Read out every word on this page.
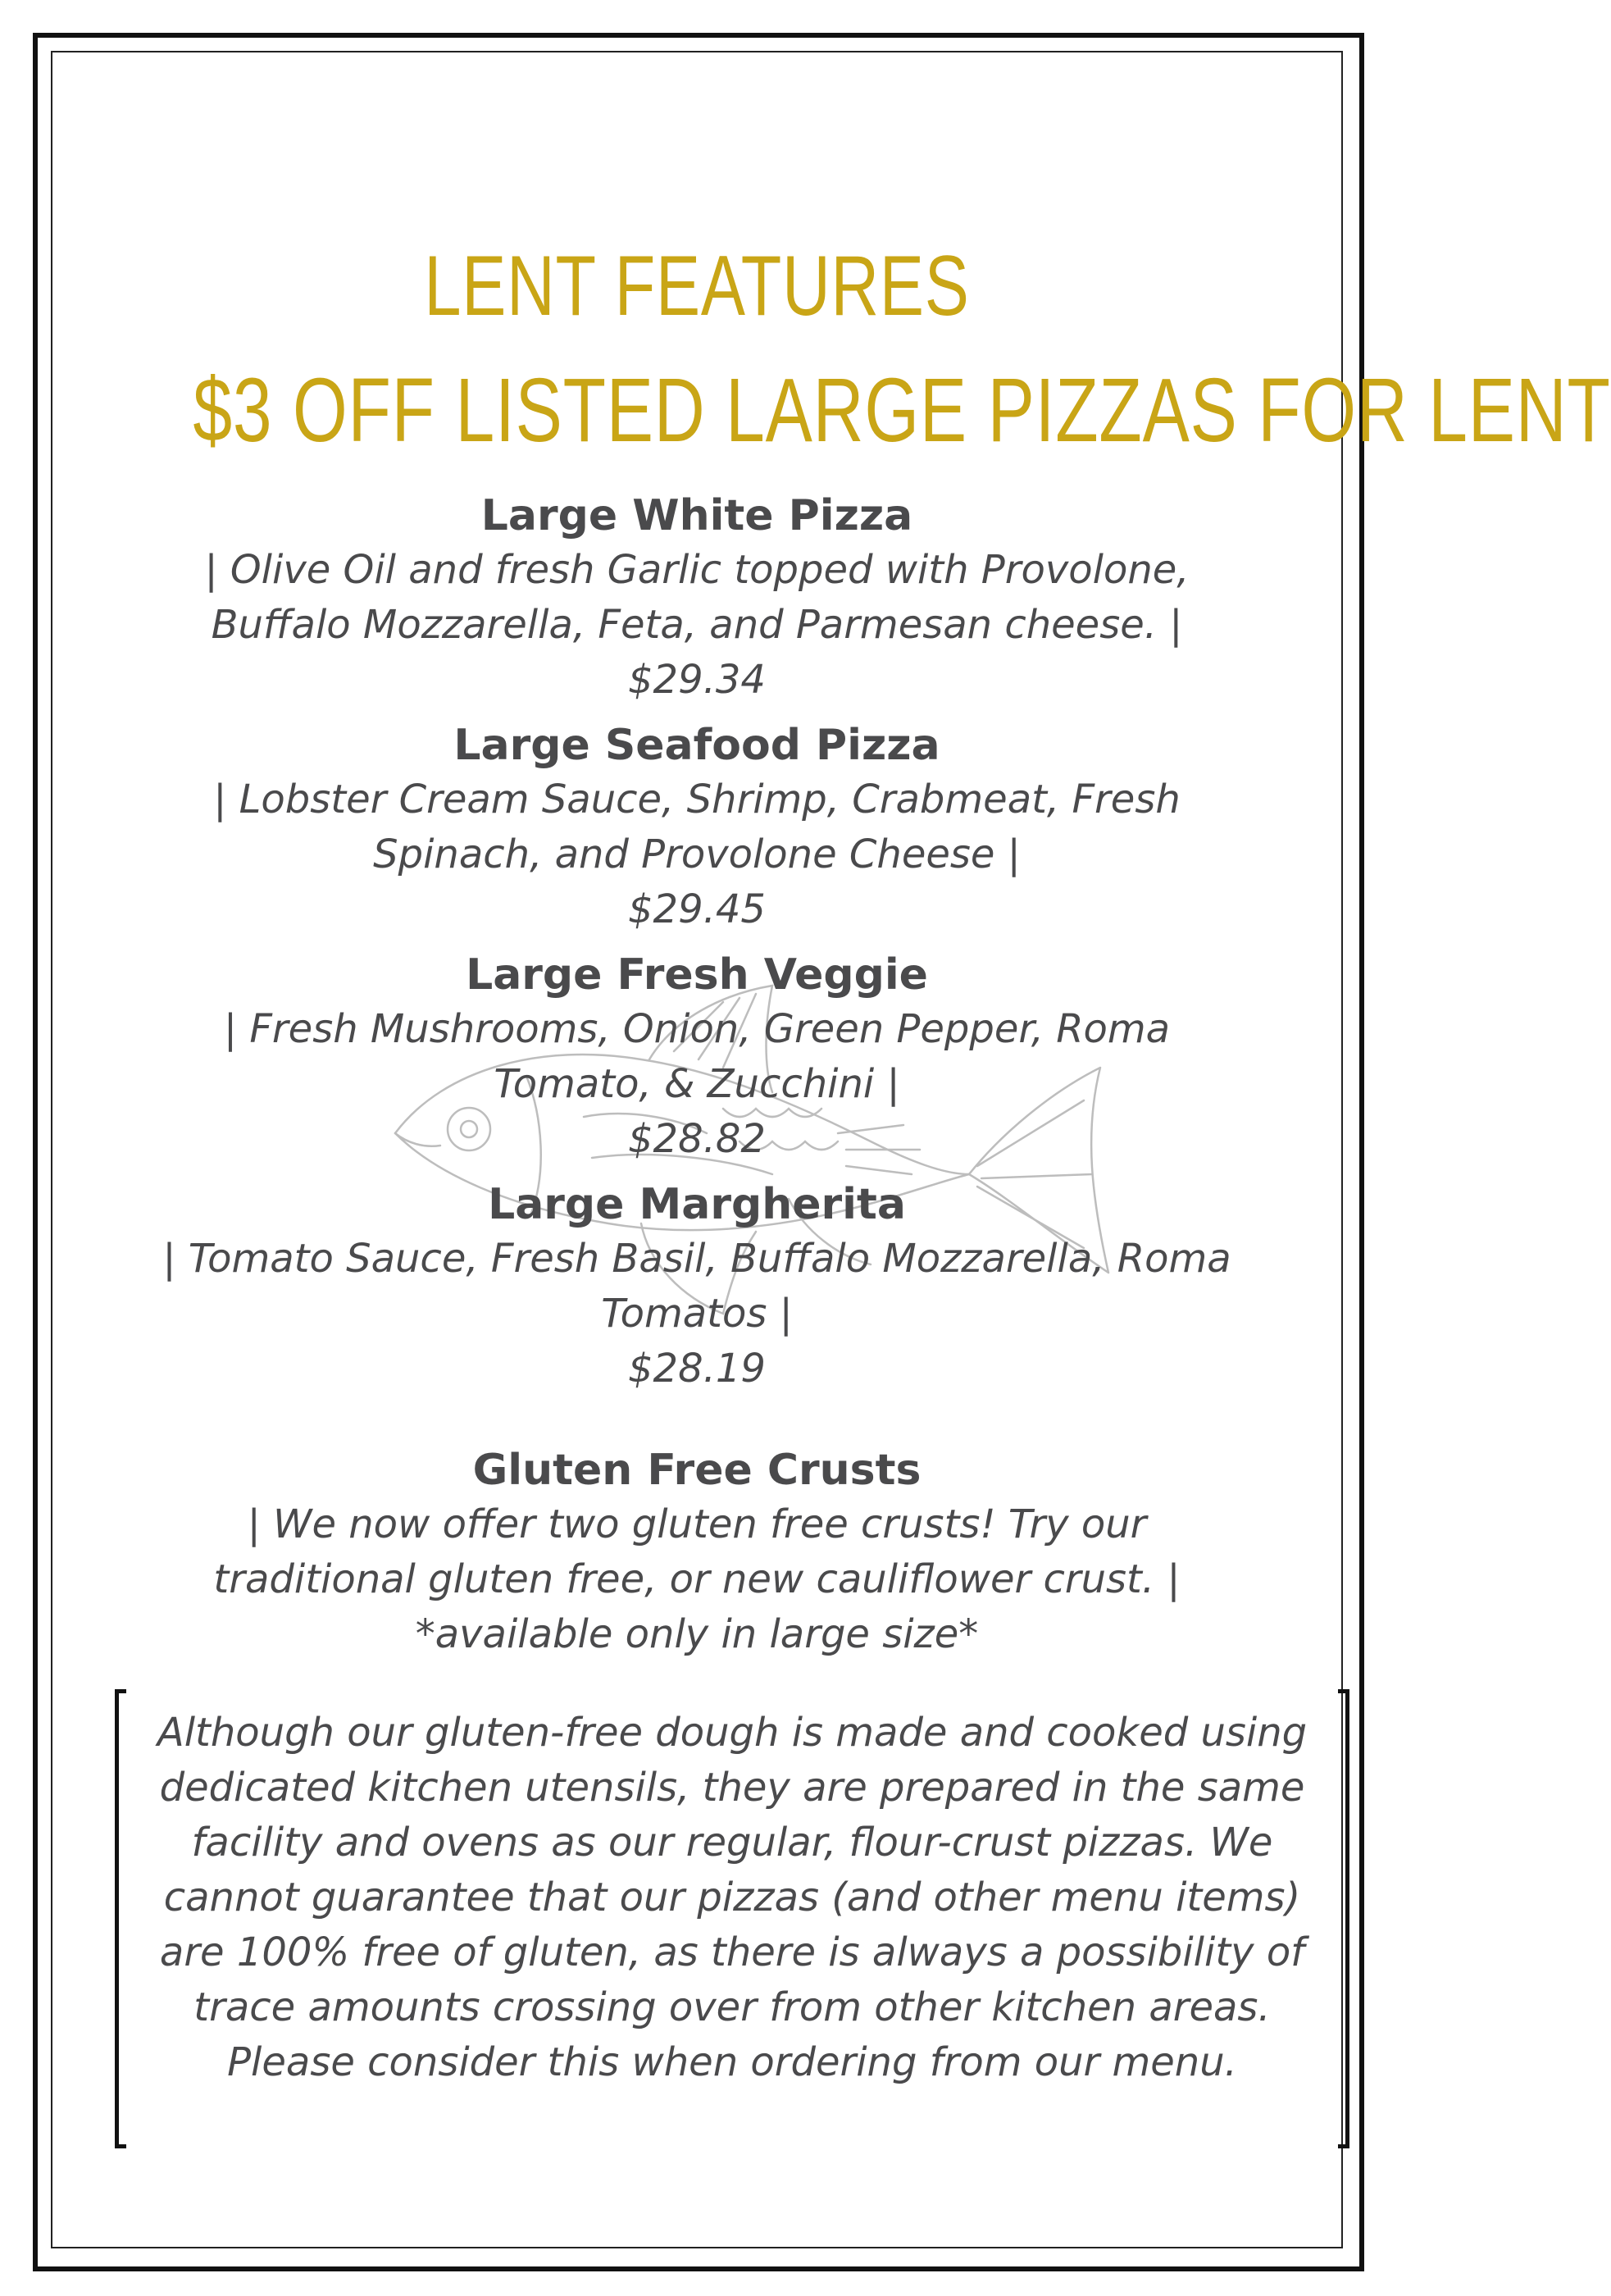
LENT FEATURES
$3 OFF LISTED LARGE PIZZAS FOR LENT

Large White Pizza

| Olive Oil and fresh Garlic topped with Provolone,
Buffalo Mozzarella, Feta, and Parmesan cheese. |

$29.34

Large Seafood Pizza

| Lobster Cream Sauce, Shrimp, Crabmeat, Fresh
Spinach, and Provolone Cheese |

$29.45

Large Fresh Veggie

| Fresh Mushrooms, Onion, Green Pepper, Roma
Tomato, & Zucchini |

$28.82

Large Margherita

| Tomato Sauce, Fresh Basil, Buffalo Mozzarella, Roma
Tomatos |

$28.19

Gluten Free Crusts

| We now offer two gluten free crusts! Try our
traditional gluten free, or new cauliflower crust. |

*available only in large size*

Although our gluten-free dough is made and cooked using dedicated kitchen utensils, they are prepared in the same facility and ovens as our regular, flour-crust pizzas. We cannot guarantee that our pizzas (and other menu items) are 100% free of gluten, as there is always a possibility of trace amounts crossing over from other kitchen areas. Please consider this when ordering from our menu.
